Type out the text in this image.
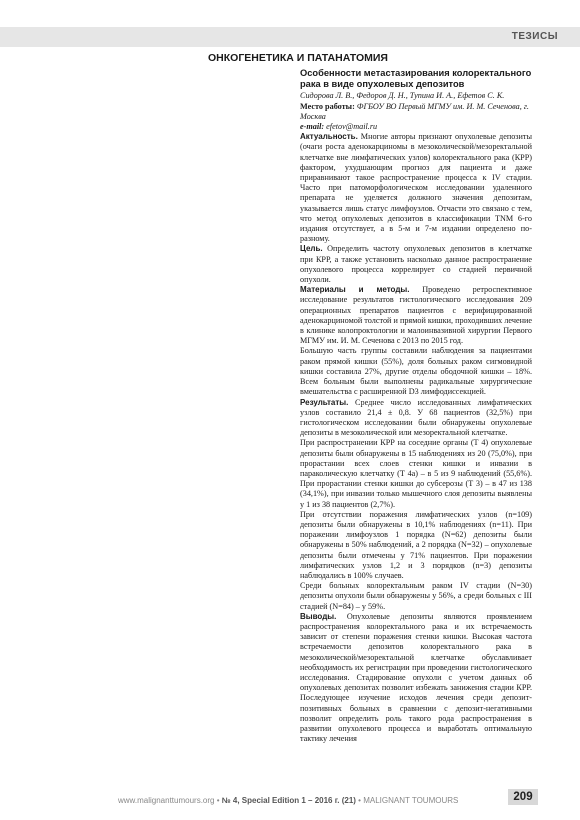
ТЕЗИСЫ
ОНКОГЕНЕТИКА И ПАТАНАТОМИЯ
Особенности метастазирования колоректального рака в виде опухолевых депозитов

Сидорова Л. В., Федоров Д. Н., Тупина И. А., Ефетов С. К.

Место работы: ФГБОУ ВО Первый МГМУ им. И. М. Сеченова, г. Москва

e-mail: efetov@mail.ru

Актуальность. Многие авторы признают опухолевые депозиты (очаги роста аденокарциномы в мезоколической/мезоректальной клетчатке вне лимфатических узлов) колоректального рака (КРР) фактором, ухудшающим прогноз для пациента и даже приравнивают такое распространение процесса к IV стадии. Часто при патоморфологическом исследовании удаленного препарата не уделяется должного значения депозитам, указывается лишь статус лимфоузлов. Отчасти это связано с тем, что метод опухолевых депозитов в классификации TNM 6-го издания отсутствует, а в 5-м и 7-м издании определено по-разному.

Цель. Определить частоту опухолевых депозитов в клетчатке при КРР, а также установить насколько данное распространение опухолевого процесса коррелирует со стадией первичной опухоли.

Материалы и методы. Проведено ретроспективное исследование результатов гистологического исследования 209 операционных препаратов пациентов с верифицированной аденокарциномой толстой и прямой кишки, проходивших лечение в клинике колопроктологии и малоинвазивной хирургии Первого МГМУ им. И. М. Сеченова с 2013 по 2015 год.

Большую часть группы составили наблюдения за пациентами раком прямой кишки (55%), доля больных раком сигмовидной кишки составила 27%, другие отделы ободочной кишки – 18%. Всем больным были выполнены радикальные хирургические вмешательства с расширенной D3 лимфодиссекцией.

Результаты. Среднее число исследованных лимфатических узлов составило 21,4 ± 0,8. У 68 пациентов (32,5%) при гистологическом исследовании были обнаружены опухолевые депозиты в мезоколической или мезоректальной клетчатке.

При распространении КРР на соседние органы (Т 4) опухолевые депозиты были обнаружены в 15 наблюдениях из 20 (75,0%), при прорастании всех слоев стенки кишки и инвазии в параколическую клетчатку (Т 4а) – в 5 из 9 наблюдений (55,6%). При прорастании стенки кишки до субсерозы (Т 3) – в 47 из 138 (34,1%), при инвазии только мышечного слоя депозиты выявлены у 1 из 38 пациентов (2,7%).

При отсутствии поражения лимфатических узлов (n=109) депозиты были обнаружены в 10,1% наблюдениях (n=11). При поражении лимфоузлов 1 порядка (N=62) депозиты были обнаружены в 50% наблюдений, а 2 порядка (N=32) – опухолевые депозиты были отмечены у 71% пациентов. При поражении лимфатических узлов 1,2 и 3 порядков (n=3) депозиты наблюдались в 100% случаев.

Среди больных колоректальным раком IV стадии (N=30) депозиты опухоли были обнаружены у 56%, а среди больных с III стадией (N=84) – у 59%.

Выводы. Опухолевые депозиты являются проявлением распространения колоректального рака и их встречаемость зависит от степени поражения стенки кишки. Высокая частота встречаемости депозитов колоректального рака в мезоколической/мезоректальной клетчатке обуславливает необходимость их регистрации при проведении гистологического исследования. Стадирование опухоли с учетом данных об опухолевых депозитах позволит избежать занижения стадии КРР. Последующее изучение исходов лечения среди депозит-позитивных больных в сравнении с депозит-негативными позволит определить роль такого рода распространения в развитии опухолевого процесса и выработать оптимальную тактику лечения

www.malignanttumours.org • № 4, Special Edition 1 – 2016 г. (21) • MALIGNANT TOUMOURS	209
